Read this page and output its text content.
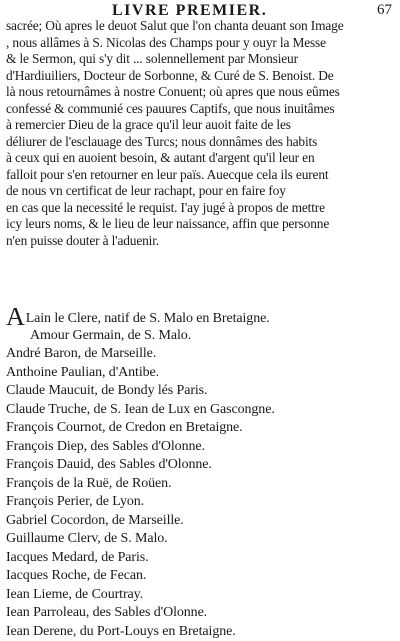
LIVRE PREMIER.	67

sacrée; Où apres le deuot Salut que l'on chanta deuant son Image
, nous allâmes à S. Nicolas des Champs pour y ouyr la Messe
& le Sermon, qui s'y dit ... solennellement par Monsieur
d'Hardiuiliers, Docteur de Sorbonne, & Curé de S. Benoist. De
là nous retournâmes à nostre Conuent; où apres que nous eûmes
confessé & communié ces pauures Captifs, que nous inuitâmes
à remercier Dieu de la grace qu'il leur auoit faite de les
déliurer de l'esclauage des Turcs; nous donnâmes des habits
à ceux qui en auoient besoin, & autant d'argent qu'il leur en
falloit pour s'en retourner en leur païs. Auecque cela ils eurent
de nous vn certificat de leur rachapt, pour en faire foy
en cas que la necessité le requist. I'ay jugé à propos de mettre
icy leurs noms, & le lieu de leur naissance, affin que personne
n'en puisse douter à l'aduenir.

ALain le Clere, natif de S. Malo en Bretaigne.
Amour Germain, de S. Malo.
André Baron, de Marseille.
Anthoine Paulian, d'Antibe.
Claude Maucuit, de Bondy lés Paris.
Claude Truche, de S. Iean de Lux en Gascongne.
François Cournot, de Credon en Bretaigne.
François Diep, des Sables d'Olonne.
François Dauid, des Sables d'Olonne.
François de la Ruë, de Roüen.
François Perier, de Lyon.
Gabriel Cocordon, de Marseille.
Guillaume Clerv, de S. Malo.
Iacques Medard, de Paris.
Iacques Roche, de Fecan.
Iean Lieme, de Courtray.
Iean Parroleau, des Sables d'Olonne.
Iean Derene, du Port-Louys en Bretaigne.
